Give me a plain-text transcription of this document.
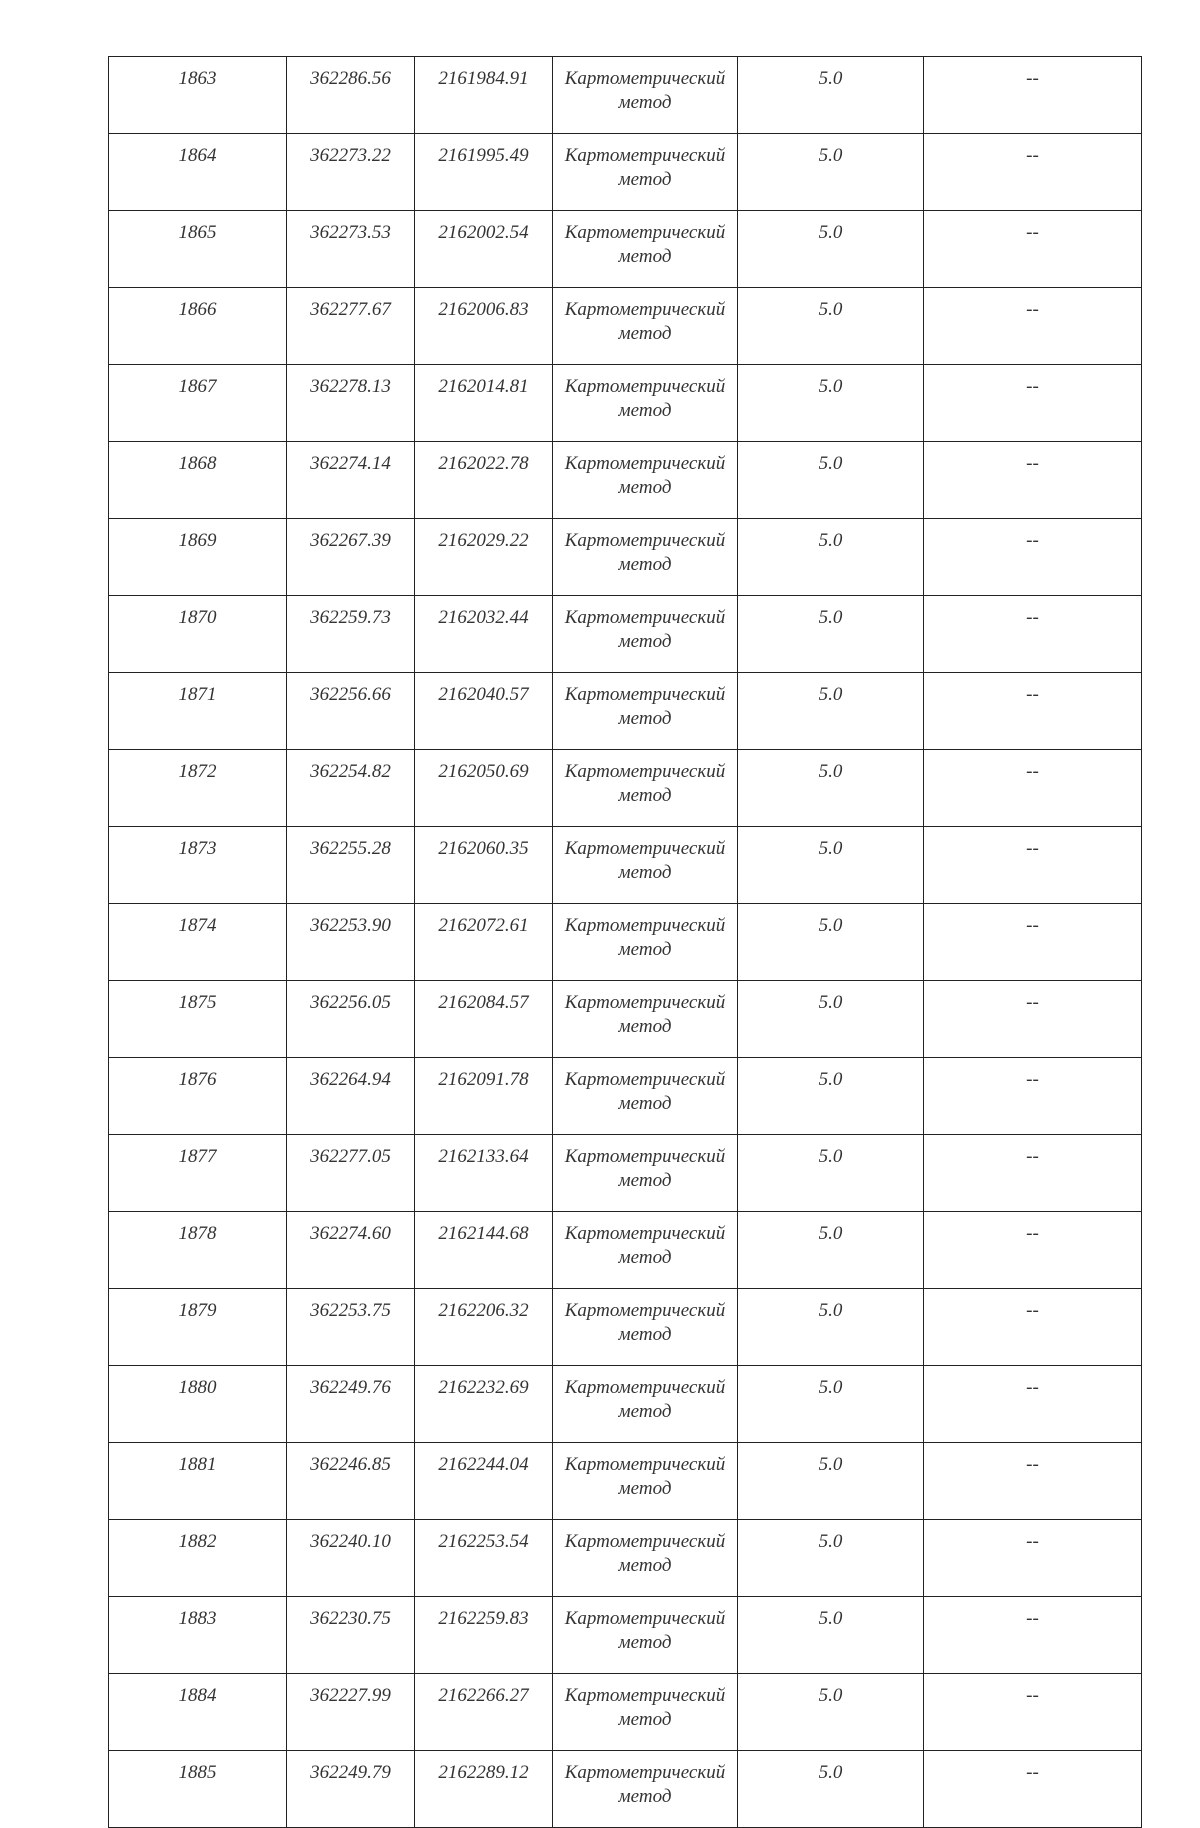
1863	362286.56	2161984.91	Картометрический метод	5.0	--
1864	362273.22	2161995.49	Картометрический метод	5.0	--
1865	362273.53	2162002.54	Картометрический метод	5.0	--
1866	362277.67	2162006.83	Картометрический метод	5.0	--
1867	362278.13	2162014.81	Картометрический метод	5.0	--
1868	362274.14	2162022.78	Картометрический метод	5.0	--
1869	362267.39	2162029.22	Картометрический метод	5.0	--
1870	362259.73	2162032.44	Картометрический метод	5.0	--
1871	362256.66	2162040.57	Картометрический метод	5.0	--
1872	362254.82	2162050.69	Картометрический метод	5.0	--
1873	362255.28	2162060.35	Картометрический метод	5.0	--
1874	362253.90	2162072.61	Картометрический метод	5.0	--
1875	362256.05	2162084.57	Картометрический метод	5.0	--
1876	362264.94	2162091.78	Картометрический метод	5.0	--
1877	362277.05	2162133.64	Картометрический метод	5.0	--
1878	362274.60	2162144.68	Картометрический метод	5.0	--
1879	362253.75	2162206.32	Картометрический метод	5.0	--
1880	362249.76	2162232.69	Картометрический метод	5.0	--
1881	362246.85	2162244.04	Картометрический метод	5.0	--
1882	362240.10	2162253.54	Картометрический метод	5.0	--
1883	362230.75	2162259.83	Картометрический метод	5.0	--
1884	362227.99	2162266.27	Картометрический метод	5.0	--
1885	362249.79	2162289.12	Картометрический метод	5.0	--
